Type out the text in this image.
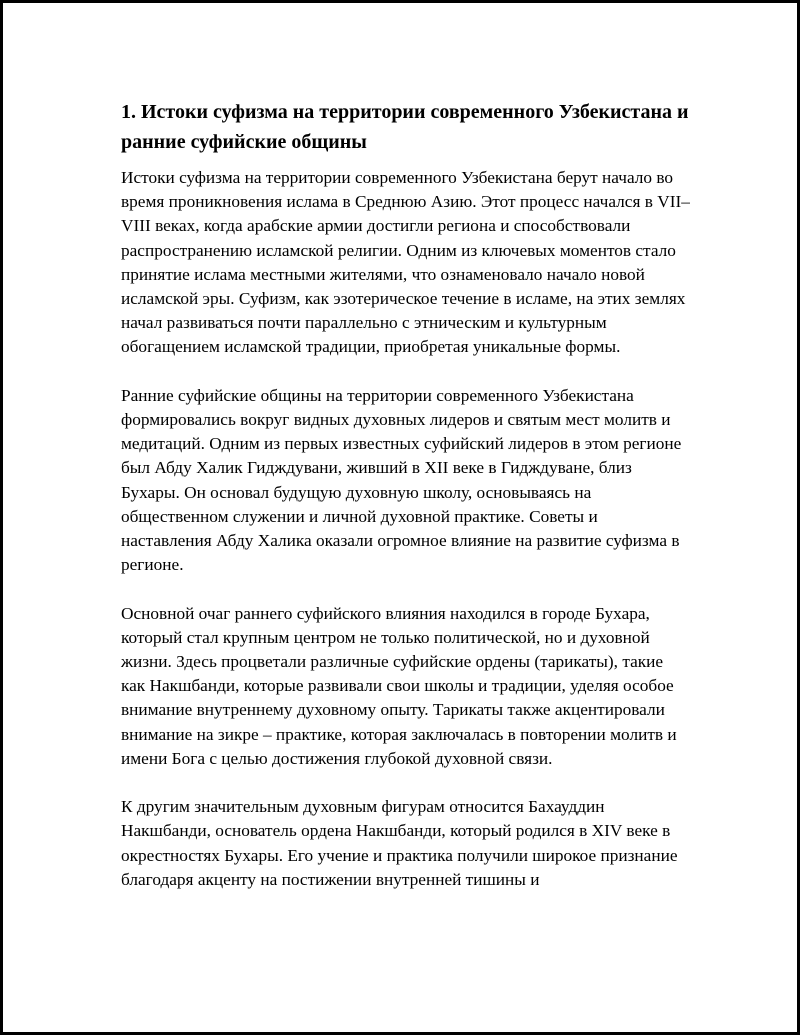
1. Истоки суфизма на территории современного Узбекистана и ранние суфийские общины

Истоки суфизма на территории современного Узбекистана берут начало во время проникновения ислама в Среднюю Азию. Этот процесс начался в VII–VIII веках, когда арабские армии достигли региона и способствовали распространению исламской религии. Одним из ключевых моментов стало принятие ислама местными жителями, что ознаменовало начало новой исламской эры. Суфизм, как эзотерическое течение в исламе, на этих землях начал развиваться почти параллельно с этническим и культурным обогащением исламской традиции, приобретая уникальные формы.

Ранние суфийские общины на территории современного Узбекистана формировались вокруг видных духовных лидеров и святым мест молитв и медитаций. Одним из первых известных суфийский лидеров в этом регионе был Абду Халик Гидждувани, живший в XII веке в Гидждуване, близ Бухары. Он основал будущую духовную школу, основываясь на общественном служении и личной духовной практике. Советы и наставления Абду Халика оказали огромное влияние на развитие суфизма в регионе.

Основной очаг раннего суфийского влияния находился в городе Бухара, который стал крупным центром не только политической, но и духовной жизни. Здесь процветали различные суфийские ордены (тарикаты), такие как Накшбанди, которые развивали свои школы и традиции, уделяя особое внимание внутреннему духовному опыту. Тарикаты также акцентировали внимание на зикре – практике, которая заключалась в повторении молитв и имени Бога с целью достижения глубокой духовной связи.

К другим значительным духовным фигурам относится Бахауддин Накшбанди, основатель ордена Накшбанди, который родился в XIV веке в окрестностях Бухары. Его учение и практика получили широкое признание благодаря акценту на постижении внутренней тишины и
